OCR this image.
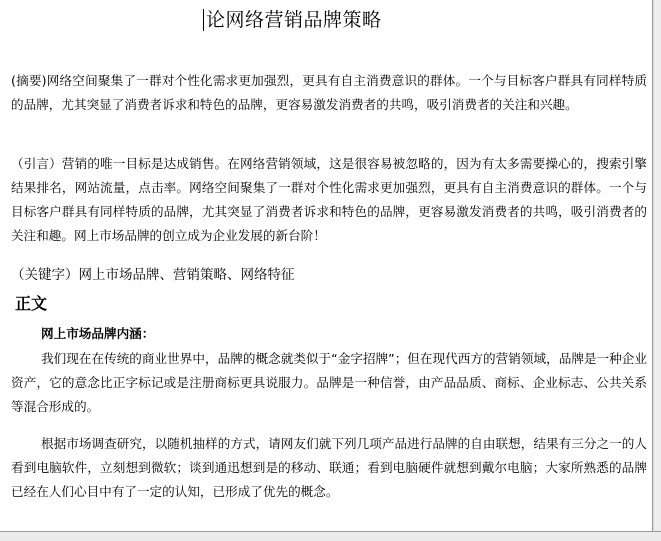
论网络营销品牌策略

(摘要)网络空间聚集了一群对个性化需求更加强烈，更具有自主消费意识的群体。一个与目标客户群具有同样特质的品牌，尤其突显了消费者诉求和特色的品牌，更容易激发消费者的共鸣，吸引消费者的关注和兴趣。

（引言）营销的唯一目标是达成销售。在网络营销领域，这是很容易被忽略的，因为有太多需要操心的，搜索引擎结果排名，网站流量，点击率。网络空间聚集了一群对个性化需求更加强烈，更具有自主消费意识的群体。一个与目标客户群具有同样特质的品牌，尤其突显了消费者诉求和特色的品牌，更容易激发消费者的共鸣，吸引消费者的关注和趣。网上市场品牌的创立成为企业发展的新台阶！

（关键字）网上市场品牌、营销策略、网络特征
正文
网上市场品牌内涵：

我们现在在传统的商业世界中，品牌的概念就类似于“金字招牌”；但在现代西方的营销领域，品牌是一种企业资产，它的意念比正字标记或是注册商标更具说服力。品牌是一种信誉，由产品品质、商标、企业标志、公共关系等混合形成的。

根据市场调查研究，以随机抽样的方式，请网友们就下列几项产品进行品牌的自由联想，结果有三分之一的人看到电脑软件，立刻想到微软；谈到通迅想到是的移动、联通；看到电脑硬件就想到戴尔电脑；大家所熟悉的品牌已经在人们心目中有了一定的认知，已形成了优先的概念。
